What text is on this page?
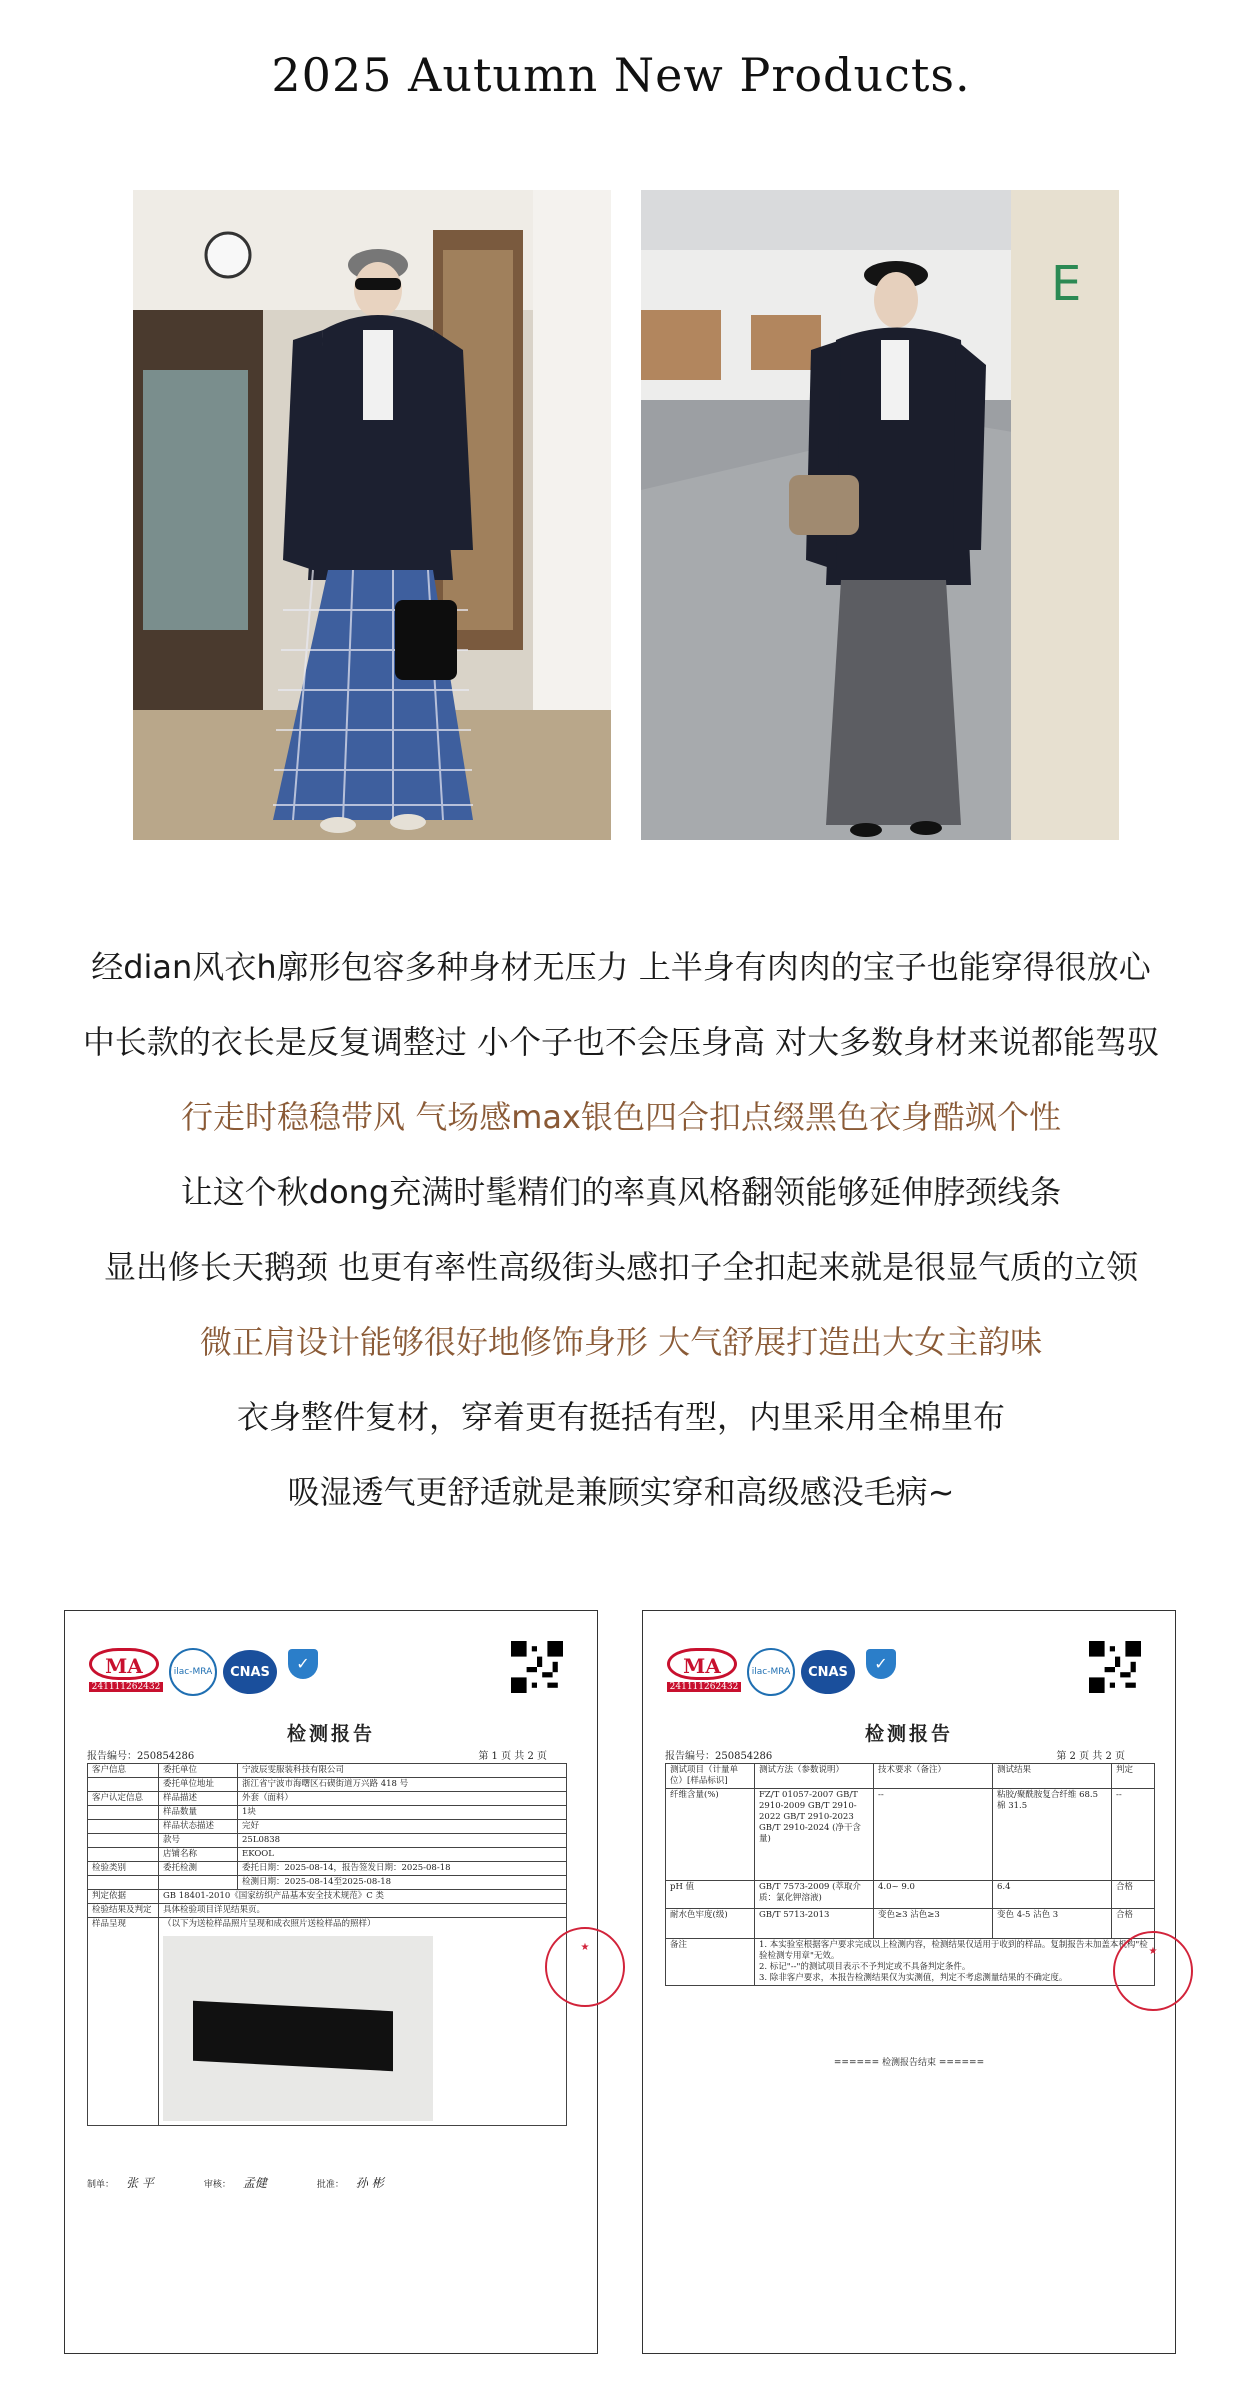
2025 Autumn New Products.
E
经dian风衣h廓形包容多种身材无压力 上半身有肉肉的宝子也能穿得很放心
中长款的衣长是反复调整过 小个子也不会压身高 对大多数身材来说都能驾驭
行走时稳稳带风 气场感max银色四合扣点缀黑色衣身酷飒个性
让这个秋dong充满时髦精们的率真风格翻领能够延伸脖颈线条
显出修长天鹅颈 也更有率性高级街头感扣子全扣起来就是很显气质的立领
微正肩设计能够很好地修饰身形 大气舒展打造出大女主韵味
衣身整件复材，穿着更有挺括有型，内里采用全棉里布
吸湿透气更舒适就是兼顾实穿和高级感没毛病~
MA
241111262432
ilac-MRA	CNAS	✓
检测报告
报告编号：250854286	第 1 页 共 2 页
客户信息	委托单位	宁波辰雯服装科技有限公司
	委托单位地址	浙江省宁波市海曙区石碶街道万兴路 418 号
客户认定信息	样品描述	外套（面料）
	样品数量	1块
	样品状态描述	完好
	款号	25L0838
	店铺名称	EKOOL
检验类别	委托检测	委托日期：2025-08-14，报告签发日期：2025-08-18
		检测日期：2025-08-14至2025-08-18
判定依据	GB 18401-2010《国家纺织产品基本安全技术规范》C 类	
检验结果及判定	具体检验项目详见结果页。	
样品呈现	（以下为送检样品照片呈现和成衣照片送检样品的照样）	
制单： 张 平	审核： 孟健	批准： 孙 彬
★
MA
241111262432
ilac-MRA	CNAS	✓
检测报告
报告编号：250854286	第 2 页 共 2 页
测试项目（计量单位）[样品标识]	测试方法（参数说明）	技术要求（备注）	测试结果	判定
纤维含量(%)	FZ/T 01057-2007 GB/T 2910-2009 GB/T 2910-2022 GB/T 2910-2023 GB/T 2910-2024 (净干含量)	--	粘胶/聚酰胺复合纤维 68.5 棉 31.5	--
pH 值	GB/T 7573-2009 (萃取介质：氯化钾溶液)	4.0~ 9.0	6.4	合格
耐水色牢度(级)	GB/T 5713-2013	变色≥3 沾色≥3	变色 4-5 沾色 3	合格
备注	1. 本实验室根据客户要求完成以上检测内容，检测结果仅适用于收到的样品。复制报告未加盖本机构"检验检测专用章"无效。
2. 标记"--"的测试项目表示不予判定或不具备判定条件。
3. 除非客户要求，本报告检测结果仅为实测值，判定不考虑测量结果的不确定度。			
====== 检测报告结束 ======
★
